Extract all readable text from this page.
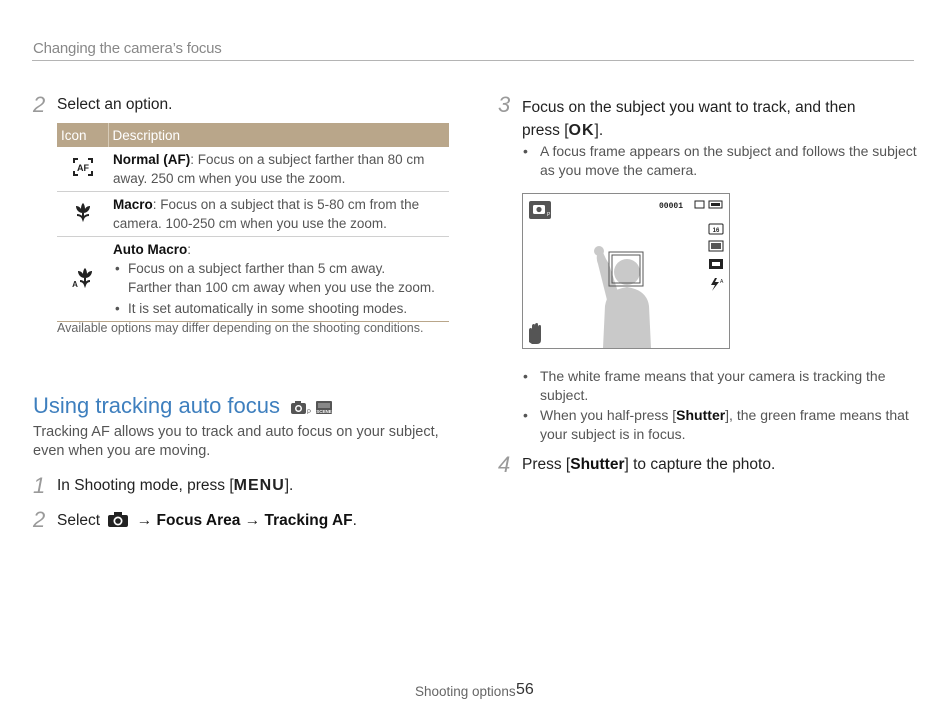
Changing the camera’s focus
2 Select an option.
Icon	Description

AF	Normal (AF): Focus on a subject farther than 80 cm away. 250 cm when you use the zoom.

	Macro: Focus on a subject that is 5-80 cm from the camera. 100-250 cm when you use the zoom.

A	Auto Macro:
• Focus on a subject farther than 5 cm away.
Farther than 100 cm away when you use the zoom.
• It is set automatically in some shooting modes.
Available options may differ depending on the shooting conditions.
Using tracking auto focus	P SCENE
Tracking AF allows you to track and auto focus on your subject, even when you are moving.
1 In Shooting mode, press [MENU].
2 Select → Focus Area → Tracking AF.
3 Focus on the subject you want to track, and then
press [OK].
• A focus frame appears on the subject and follows the subject as you move the camera.
P
00001
16
A
• The white frame means that your camera is tracking the subject.
• When you half-press [Shutter], the green frame means that your subject is in focus.
4 Press [Shutter] to capture the photo.
Shooting options 56
